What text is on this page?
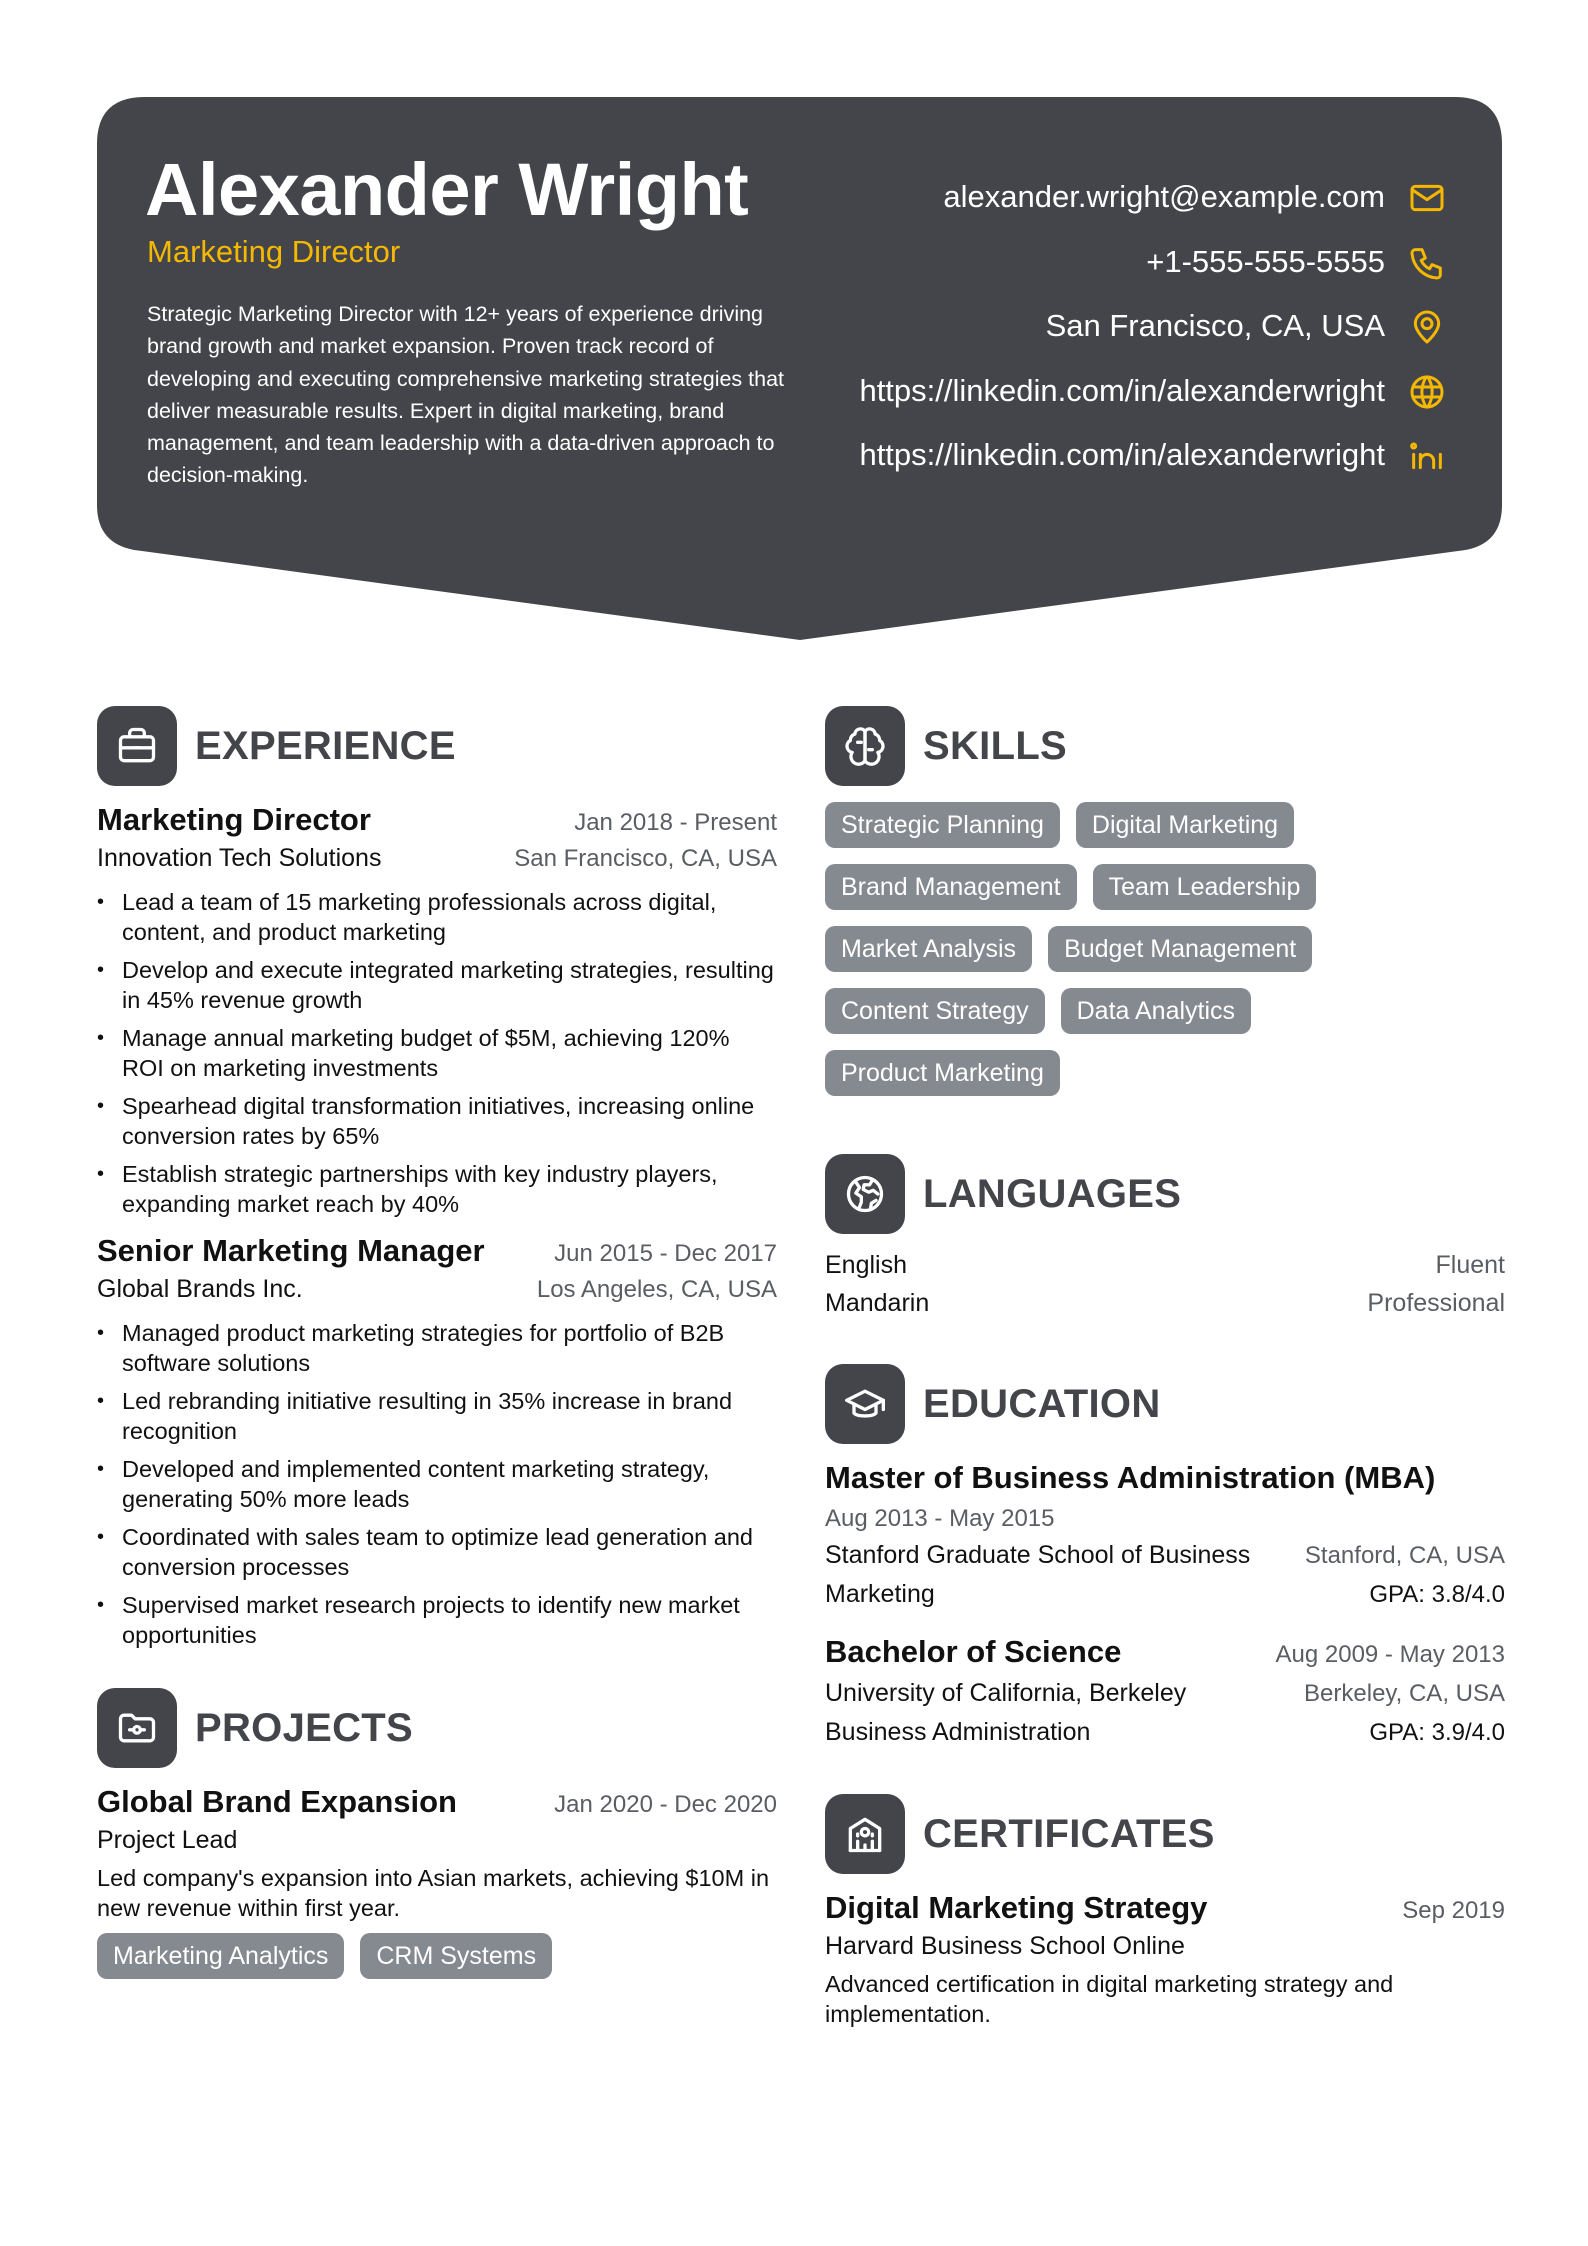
Alexander Wright
Marketing Director
Strategic Marketing Director with 12+ years of experience driving brand growth and market expansion. Proven track record of developing and executing comprehensive marketing strategies that deliver measurable results. Expert in digital marketing, brand management, and team leadership with a data-driven approach to decision-making.
alexander.wright@example.com
+1-555-555-5555
San Francisco, CA, USA
https://linkedin.com/in/alexanderwright
https://linkedin.com/in/alexanderwright
EXPERIENCE
Marketing Director	Jan 2018 - Present
Innovation Tech Solutions	San Francisco, CA, USA
• Lead a team of 15 marketing professionals across digital, content, and product marketing
• Develop and execute integrated marketing strategies, resulting in 45% revenue growth
• Manage annual marketing budget of $5M, achieving 120% ROI on marketing investments
• Spearhead digital transformation initiatives, increasing online conversion rates by 65%
• Establish strategic partnerships with key industry players, expanding market reach by 40%
Senior Marketing Manager	Jun 2015 - Dec 2017
Global Brands Inc.	Los Angeles, CA, USA
• Managed product marketing strategies for portfolio of B2B software solutions
• Led rebranding initiative resulting in 35% increase in brand recognition
• Developed and implemented content marketing strategy, generating 50% more leads
• Coordinated with sales team to optimize lead generation and conversion processes
• Supervised market research projects to identify new market opportunities
PROJECTS
Global Brand Expansion	Jan 2020 - Dec 2020
Project Lead
Led company's expansion into Asian markets, achieving $10M in new revenue within first year.
Marketing Analytics	CRM Systems
SKILLS
Strategic Planning	Digital Marketing
Brand Management	Team Leadership
Market Analysis	Budget Management
Content Strategy	Data Analytics
Product Marketing
LANGUAGES
English	Fluent
Mandarin	Professional
EDUCATION
Master of Business Administration (MBA)
Aug 2013 - May 2015
Stanford Graduate School of Business Stanford, CA, USA
Marketing	GPA: 3.8/4.0
Bachelor of Science	Aug 2009 - May 2013
University of California, Berkeley	Berkeley, CA, USA
Business Administration	GPA: 3.9/4.0
CERTIFICATES
Digital Marketing Strategy	Sep 2019
Harvard Business School Online
Advanced certification in digital marketing strategy and implementation.
